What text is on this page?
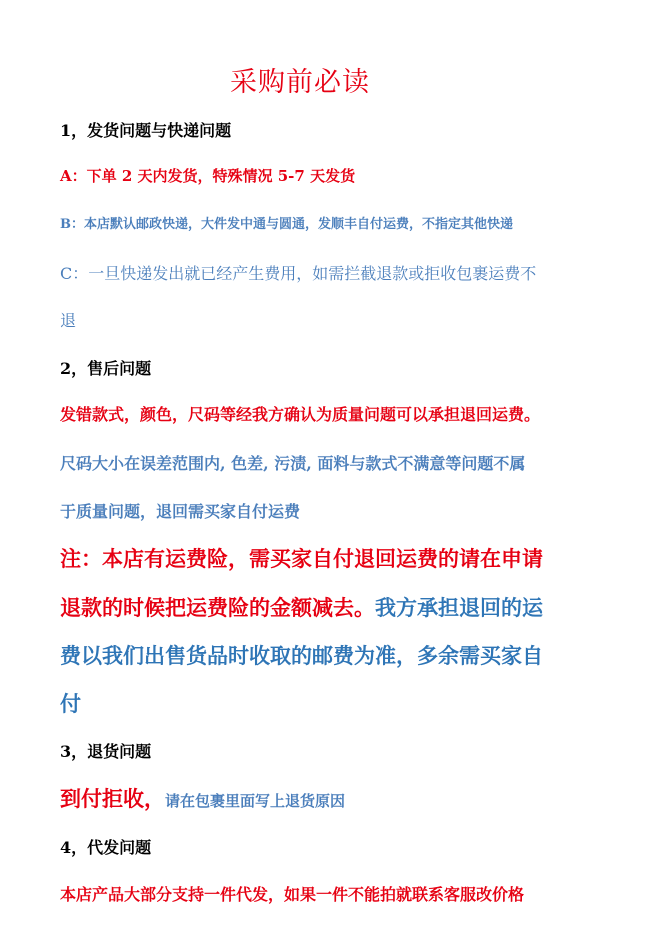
采购前必读
1，发货问题与快递问题
A：下单 2 天内发货，特殊情况 5-7 天发货
B：本店默认邮政快递，大件发中通与圆通，发顺丰自付运费，不指定其他快递
C：一旦快递发出就已经产生费用，如需拦截退款或拒收包裹运费不
退
2，售后问题
发错款式，颜色，尺码等经我方确认为质量问题可以承担退回运费。
尺码大小在误差范围内, 色差, 污渍, 面料与款式不满意等问题不属
于质量问题，退回需买家自付运费
注：本店有运费险，需买家自付退回运费的请在申请
退款的时候把运费险的金额减去。我方承担退回的运
费以我们出售货品时收取的邮费为准，多余需买家自
付
3，退货问题
到付拒收，请在包裹里面写上退货原因
4，代发问题
本店产品大部分支持一件代发，如果一件不能拍就联系客服改价格
